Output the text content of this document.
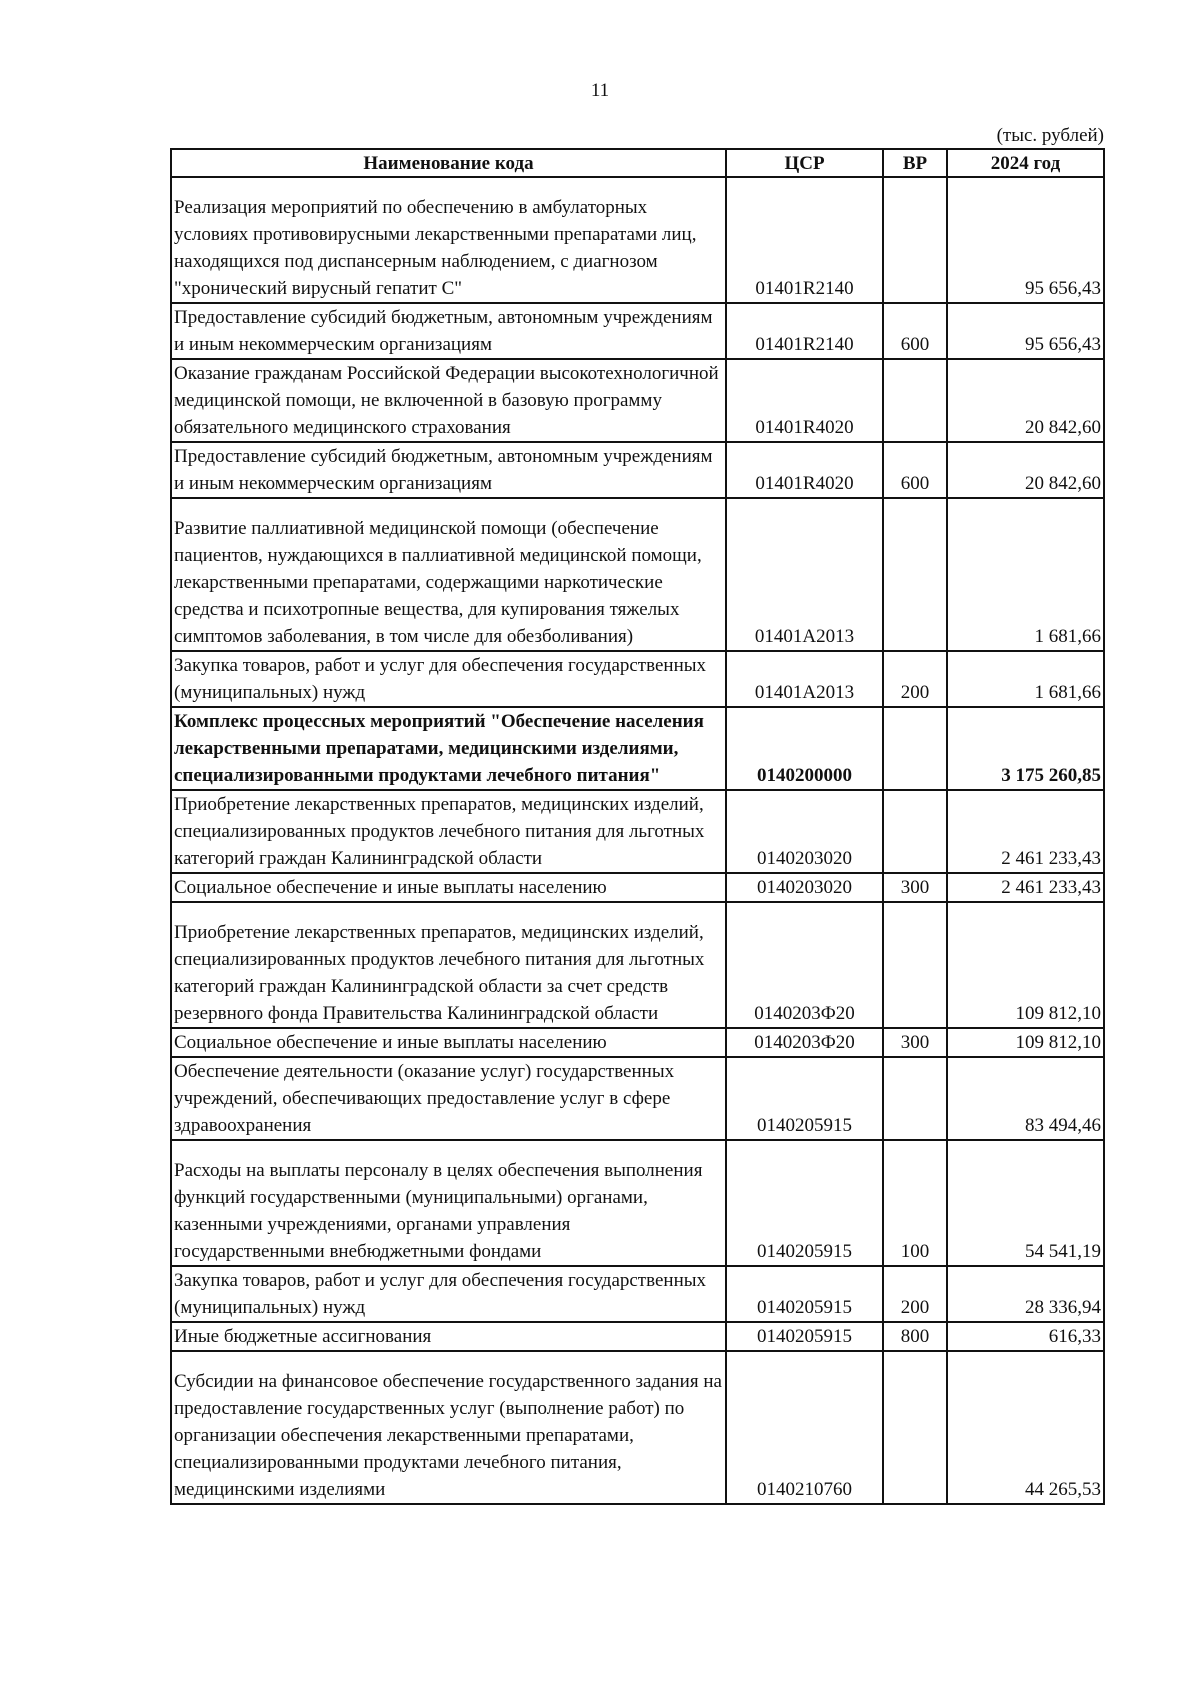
11
(тыс. рублей)
Наименование кода	ЦСР	ВР	2024 год
Реализация мероприятий по обеспечению в амбулаторных условиях противовирусными лекарственными препаратами лиц, находящихся под диспансерным наблюдением, с диагнозом "хронический вирусный гепатит С"	01401R2140		95 656,43
Предоставление субсидий бюджетным, автономным учреждениям и иным некоммерческим организациям	01401R2140	600	95 656,43
Оказание гражданам Российской Федерации высокотехнологичной медицинской помощи, не включенной в базовую программу обязательного медицинского страхования	01401R4020		20 842,60
Предоставление субсидий бюджетным, автономным учреждениям и иным некоммерческим организациям	01401R4020	600	20 842,60
Развитие паллиативной медицинской помощи (обеспечение пациентов, нуждающихся в паллиативной медицинской помощи, лекарственными препаратами, содержащими наркотические средства и психотропные вещества, для купирования тяжелых симптомов заболевания, в том числе для обезболивания)	01401A2013		1 681,66
Закупка товаров, работ и услуг для обеспечения государственных (муниципальных) нужд	01401A2013	200	1 681,66
Комплекс процессных мероприятий "Обеспечение населения лекарственными препаратами, медицинскими изделиями, специализированными продуктами лечебного питания"	0140200000		3 175 260,85
Приобретение лекарственных препаратов, медицинских изделий, специализированных продуктов лечебного питания для льготных категорий граждан Калининградской области	0140203020		2 461 233,43
Социальное обеспечение и иные выплаты населению	0140203020	300	2 461 233,43
Приобретение лекарственных препаратов, медицинских изделий, специализированных продуктов лечебного питания для льготных категорий граждан Калининградской области за счет средств резервного фонда Правительства Калининградской области	0140203Ф20		109 812,10
Социальное обеспечение и иные выплаты населению	0140203Ф20	300	109 812,10
Обеспечение деятельности (оказание услуг) государственных учреждений, обеспечивающих предоставление услуг в сфере здравоохранения	0140205915		83 494,46
Расходы на выплаты персоналу в целях обеспечения выполнения функций государственными (муниципальными) органами, казенными учреждениями, органами управления государственными внебюджетными фондами	0140205915	100	54 541,19
Закупка товаров, работ и услуг для обеспечения государственных (муниципальных) нужд	0140205915	200	28 336,94
Иные бюджетные ассигнования	0140205915	800	616,33
Субсидии на финансовое обеспечение государственного задания на предоставление государственных услуг (выполнение работ) по организации обеспечения лекарственными препаратами, специализированными продуктами лечебного питания, медицинскими изделиями	0140210760		44 265,53
